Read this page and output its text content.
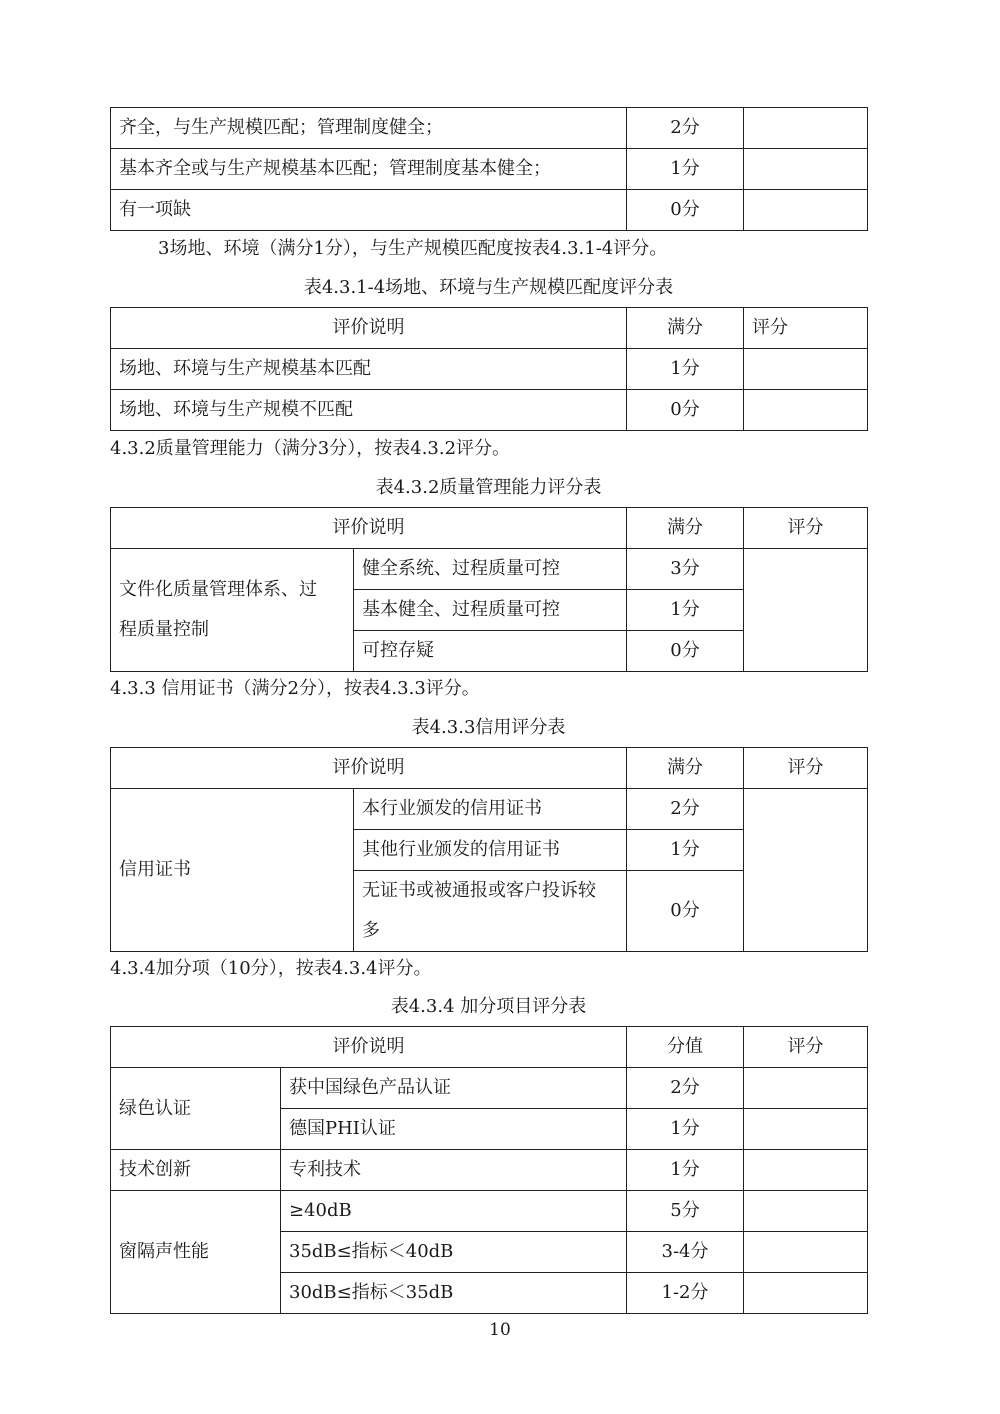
齐全，与生产规模匹配；管理制度健全；	2分	
基本齐全或与生产规模基本匹配；管理制度基本健全；	1分	
有一项缺	0分	
3场地、环境（满分1分），与生产规模匹配度按表4.3.1-4评分。
表4.3.1-4场地、环境与生产规模匹配度评分表
评价说明	满分	评分
场地、环境与生产规模基本匹配	1分	
场地、环境与生产规模不匹配	0分	
4.3.2质量管理能力（满分3分），按表4.3.2评分。
表4.3.2质量管理能力评分表
评价说明		满分	评分
文件化质量管理体系、过程质量控制	健全系统、过程质量可控	3分	
	基本健全、过程质量可控	1分	
	可控存疑	0分	
4.3.3 信用证书（满分2分），按表4.3.3评分。
表4.3.3信用评分表
评价说明		满分	评分
信用证书	本行业颁发的信用证书	2分	
	其他行业颁发的信用证书	1分	
	无证书或被通报或客户投诉较多	0分	
4.3.4加分项（10分），按表4.3.4评分。
表4.3.4 加分项目评分表
评价说明		分值	评分
绿色认证	获中国绿色产品认证	2分	
	德国PHI认证	1分	
技术创新	专利技术	1分	
窗隔声性能	≥40dB	5分	
	35dB≤指标＜40dB	3-4分	
	30dB≤指标＜35dB	1-2分	
10
